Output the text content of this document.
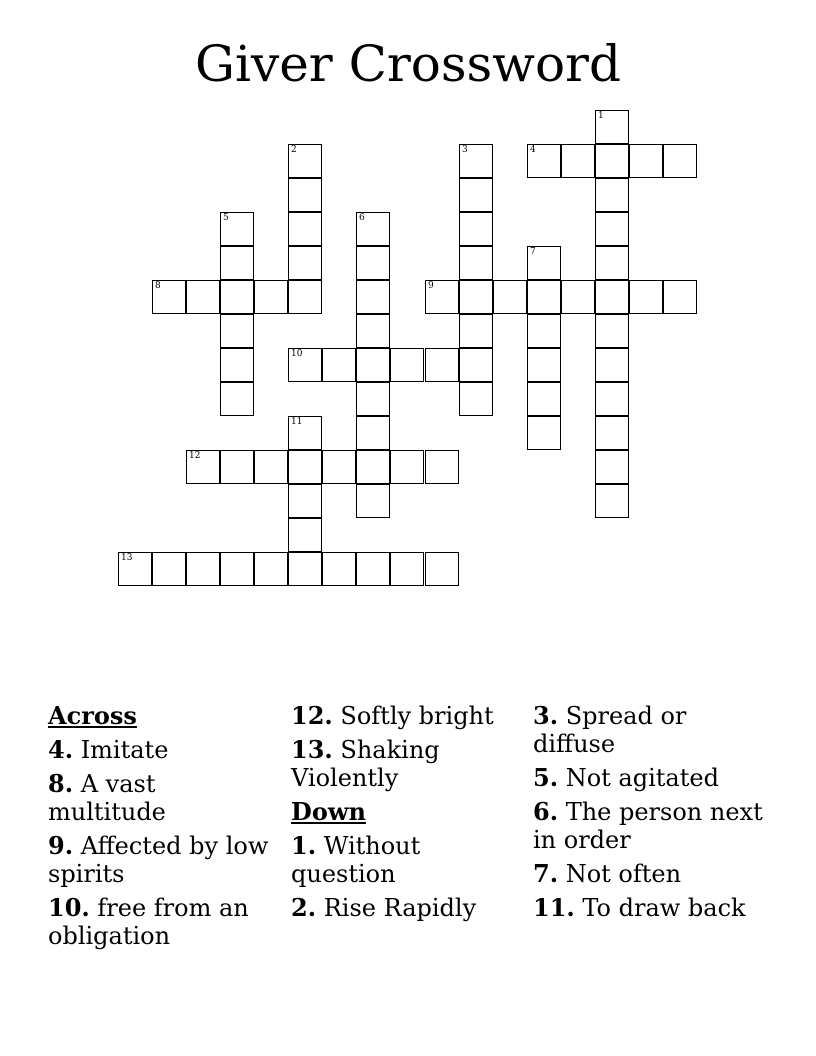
Giver Crossword
1
4
2	3
5	6
7
8	9
10
11
12
13
Across
4. Imitate
8. A vast multitude
9. Affected by low spirits
10. free from an obligation
12. Softly bright
13. Shaking Violently
Down
1. Without question
2. Rise Rapidly
3. Spread or diffuse
5. Not agitated
6. The person next in order
7. Not often
11. To draw back
